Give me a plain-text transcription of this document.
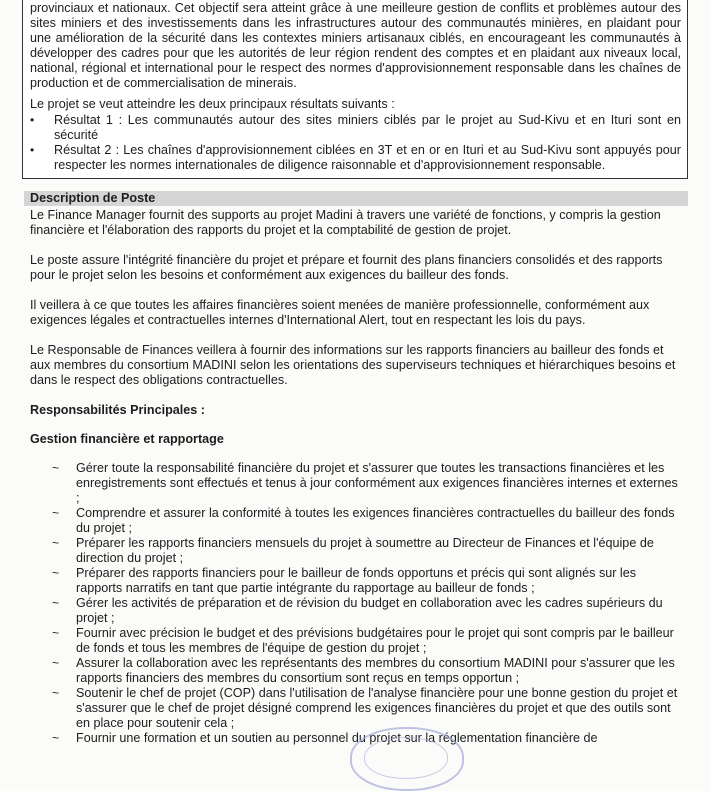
provinciaux et nationaux. Cet objectif sera atteint grâce à une meilleure gestion de conflits et problèmes autour des sites miniers et des investissements dans les infrastructures autour des communautés minières, en plaidant pour une amélioration de la sécurité dans les contextes miniers artisanaux ciblés, en encourageant les communautés à développer des cadres pour que les autorités de leur région rendent des comptes et en plaidant aux niveaux local, national, régional et international pour le respect des normes d'approvisionnement responsable dans les chaînes de production et de commercialisation de minerais.

Le projet se veut atteindre les deux principaux résultats suivants :

• Résultat 1 : Les communautés autour des sites miniers ciblés par le projet au Sud-Kivu et en Ituri sont en sécurité
• Résultat 2 : Les chaînes d'approvisionnement ciblées en 3T et en or en Ituri et au Sud-Kivu sont appuyés pour respecter les normes internationales de diligence raisonnable et d'approvisionnement responsable.
Description de Poste

Le Finance Manager fournit des supports au projet Madini à travers une variété de fonctions, y compris la gestion financière et l'élaboration des rapports du projet et la comptabilité de gestion de projet.

Le poste assure l'intégrité financière du projet et prépare et fournit des plans financiers consolidés et des rapports pour le projet selon les besoins et conformément aux exigences du bailleur des fonds.

Il veillera à ce que toutes les affaires financières soient menées de manière professionnelle, conformément aux exigences légales et contractuelles internes d'International Alert, tout en respectant les lois du pays.

Le Responsable de Finances veillera à fournir des informations sur les rapports financiers au bailleur des fonds et aux membres du consortium MADINI selon les orientations des superviseurs techniques et hiérarchiques besoins et dans le respect des obligations contractuelles.

Responsabilités Principales :

Gestion financière et rapportage

~ Gérer toute la responsabilité financière du projet et s'assurer que toutes les transactions financières et les enregistrements sont effectués et tenus à jour conformément aux exigences financières internes et externes ;
~ Comprendre et assurer la conformité à toutes les exigences financières contractuelles du bailleur des fonds du projet ;
~ Préparer les rapports financiers mensuels du projet à soumettre au Directeur de Finances et l'équipe de direction du projet ;
~ Préparer des rapports financiers pour le bailleur de fonds opportuns et précis qui sont alignés sur les rapports narratifs en tant que partie intégrante du rapportage au bailleur de fonds ;
~ Gérer les activités de préparation et de révision du budget en collaboration avec les cadres supérieurs du projet ;
~ Fournir avec précision le budget et des prévisions budgétaires pour le projet qui sont compris par le bailleur de fonds et tous les membres de l'équipe de gestion du projet ;
~ Assurer la collaboration avec les représentants des membres du consortium MADINI pour s'assurer que les rapports financiers des membres du consortium sont reçus en temps opportun ;
~ Soutenir le chef de projet (COP) dans l'utilisation de l'analyse financière pour une bonne gestion du projet et s'assurer que le chef de projet désigné comprend les exigences financières du projet et que des outils sont en place pour soutenir cela ;
~ Fournir une formation et un soutien au personnel du projet sur la réglementation financière de
